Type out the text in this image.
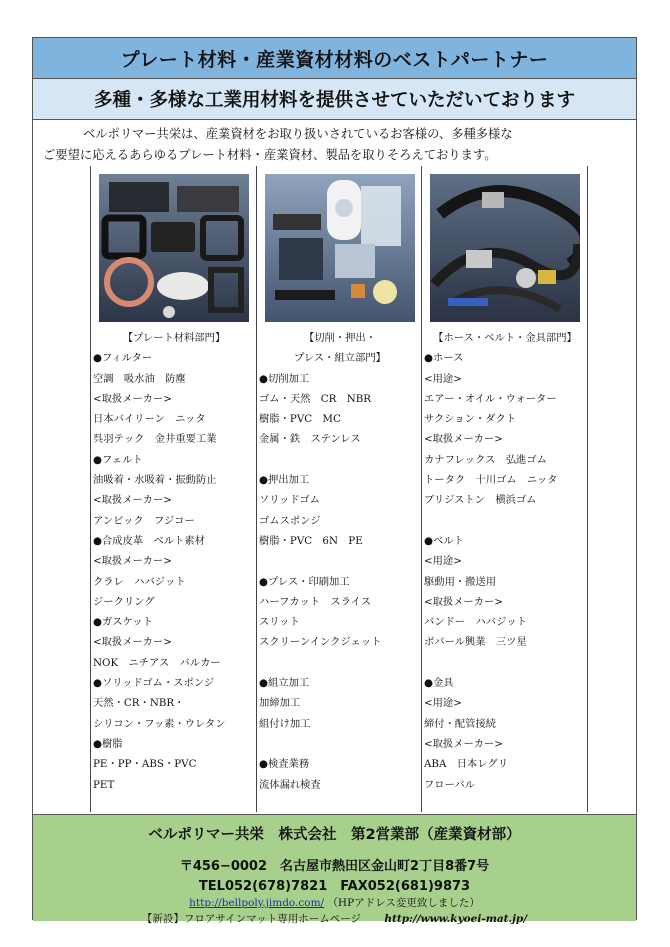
プレート材料・産業資材材料のベストパートナー
多種・多様な工業用材料を提供させていただいております

ベルポリマー共栄は、産業資材をお取り扱いされているお客様の、多種多様な

ご要望に応えるあらゆるプレート材料・産業資材、製品を取りそろえております。

【プレート材料部門】
●フィルター
空調　吸水油　防塵
<取扱メーカー>
日本バイリーン　ニッタ
呉羽テック　金井重要工業
●フェルト
油吸着・水吸着・振動防止
<取扱メーカー>
アンビック　フジコー
●合成皮革　ベルト素材
<取扱メーカー>
クラレ　ハバジット
ジークリング
●ガスケット
<取扱メーカー>
NOK　ニチアス　バルカー
●ソリッドゴム・スポンジ
天然・CR・NBR・
シリコン・フッ素・ウレタン
●樹脂
PE・PP・ABS・PVC
PET
【切削・押出・
プレス・組立部門】
●切削加工
ゴム・天然　CR　NBR
樹脂・PVC　MC
金属・鉄　ステンレス
●押出加工
ソリッドゴム
ゴムスポンジ
樹脂・PVC　6N　PE
●プレス・印刷加工
ハーフカット　スライス
スリット
スクリーンインクジェット
●組立加工
加締加工
組付け加工
●検査業務
流体漏れ検査
【ホース・ベルト・金具部門】
●ホース
<用途>
エアー・オイル・ウォーター
サクション・ダクト
<取扱メーカー>
カナフレックス　弘進ゴム
トータク　十川ゴム　ニッタ
ブリジストン　横浜ゴム
●ベルト
<用途>
駆動用・搬送用
<取扱メーカー>
バンドー　ハバジット
ボバール興業　三ツ星
●金具
<用途>
締付・配管接続
<取扱メーカー>
ABA　日本レグリ
フローバル
ベルポリマー共栄　株式会社　第2営業部（産業資材部）
〒456−0002　名古屋市熱田区金山町2丁目8番7号
TEL052(678)7821　FAX052(681)9873
http://bellpoly.jimdo.com/ （HPアドレス変更致しました）
【新設】フロアサインマット専用ホームページ http://www.kyoei-mat.jp/
